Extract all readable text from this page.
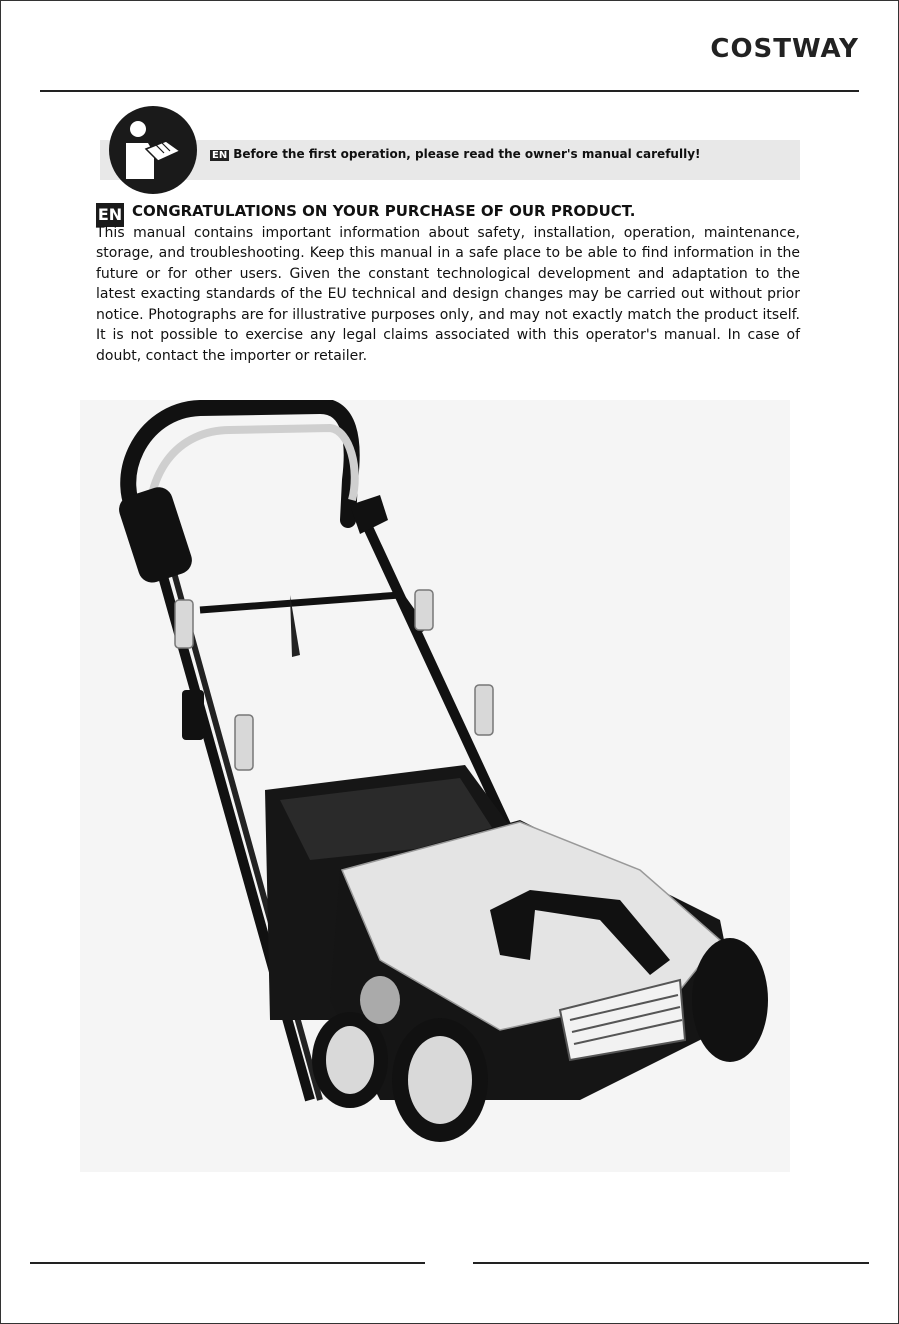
COSTWAY
EN Before the first operation, please read the owner's manual carefully!
EN CONGRATULATIONS ON YOUR PURCHASE OF OUR PRODUCT.
This manual contains important information about safety, installation, operation, maintenance, storage, and troubleshooting. Keep this manual in a safe place to be able to find information in the future or for other users. Given the constant technological development and adaptation to the latest exacting standards of the EU technical and design changes may be carried out without prior notice. Photographs are for illustrative purposes only, and may not exactly match the product itself. It is not possible to exercise any legal claims associated with this operator's manual. In case of doubt, contact the importer or retailer.
